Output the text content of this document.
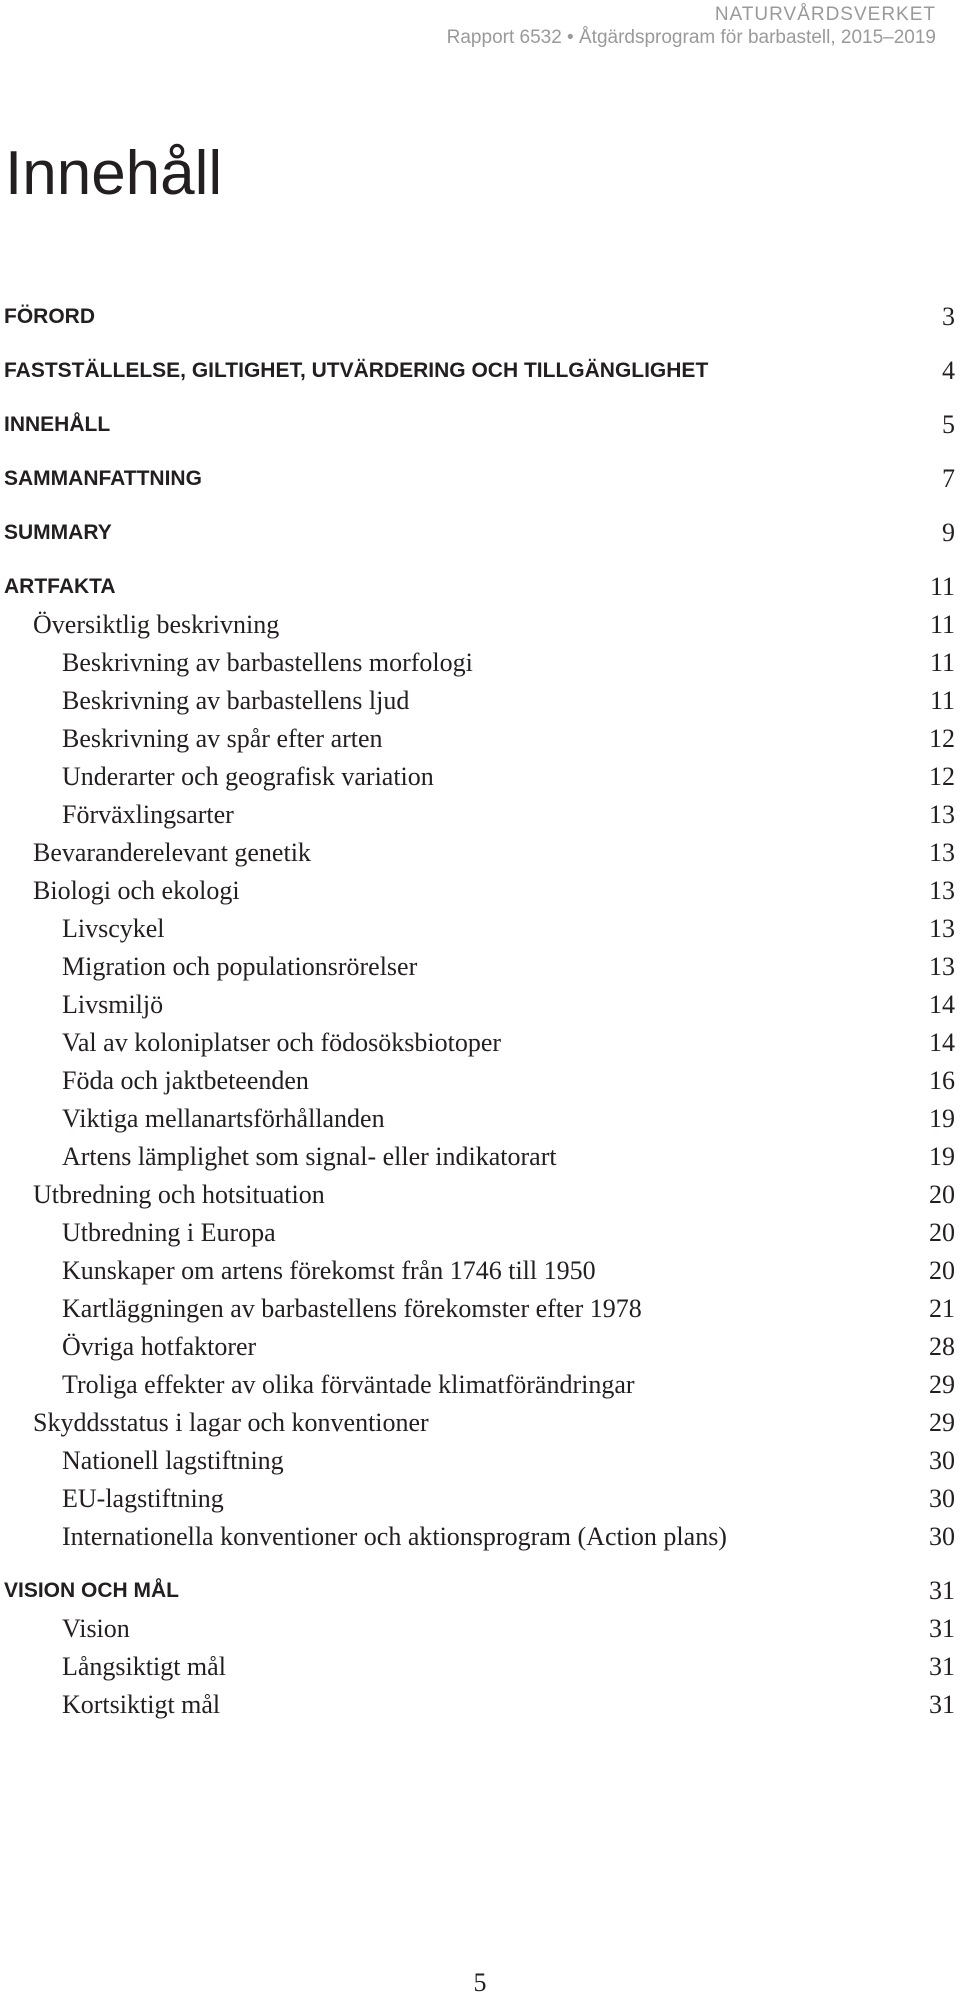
NATURVÅRDSVERKET
Rapport 6532 • Åtgärdsprogram för barbastell, 2015–2019
Innehåll
FÖRORD	3
FASTSTÄLLELSE, GILTIGHET, UTVÄRDERING OCH TILLGÄNGLIGHET	4
INNEHÅLL	5
SAMMANFATTNING	7
SUMMARY	9
ARTFAKTA	11
Översiktlig beskrivning	11
Beskrivning av barbastellens morfologi	11
Beskrivning av barbastellens ljud	11
Beskrivning av spår efter arten	12
Underarter och geografisk variation	12
Förväxlingsarter	13
Bevaranderelevant genetik	13
Biologi och ekologi	13
Livscykel	13
Migration och populationsrörelser	13
Livsmiljö	14
Val av koloniplatser och födosöksbiotoper	14
Föda och jaktbeteenden	16
Viktiga mellanartsförhållanden	19
Artens lämplighet som signal- eller indikatorart	19
Utbredning och hotsituation	20
Utbredning i Europa	20
Kunskaper om artens förekomst från 1746 till 1950	20
Kartläggningen av barbastellens förekomster efter 1978	21
Övriga hotfaktorer	28
Troliga effekter av olika förväntade klimatförändringar	29
Skyddsstatus i lagar och konventioner	29
Nationell lagstiftning	30
EU-lagstiftning	30
Internationella konventioner och aktionsprogram (Action plans)	30
VISION OCH MÅL	31
Vision	31
Långsiktigt mål	31
Kortsiktigt mål	31
5
